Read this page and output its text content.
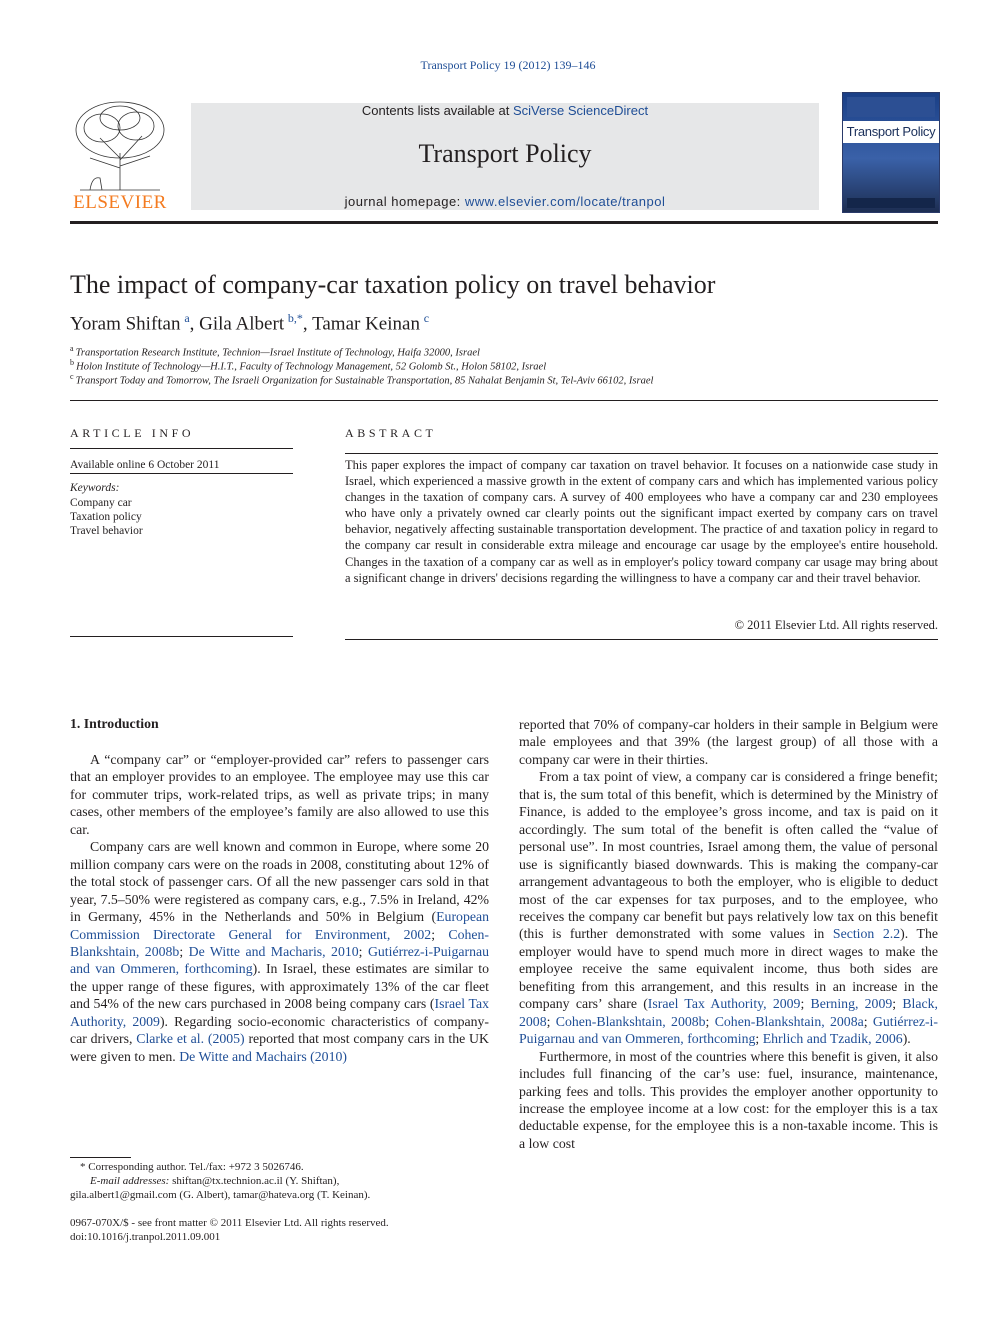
Transport Policy 19 (2012) 139–146
ELSEVIER
Contents lists available at SciVerse ScienceDirect
Transport Policy
journal homepage: www.elsevier.com/locate/tranpol
Transport Policy
The impact of company-car taxation policy on travel behavior
Yoram Shiftan  $^a$, Gila Albert  $^{b,*}$, Tamar Keinan  $^c$
$^a$  Transportation Research Institute, Technion—Israel Institute of Technology, Haifa 32000, Israel
$^b$  Holon Institute of Technology—H.I.T., Faculty of Technology Management, 52 Golomb St., Holon 58102, Israel
$^c$  Transport Today and Tomorrow, The Israeli Organization for Sustainable Transportation, 85 Nahalat Benjamin St, Tel-Aviv 66102, Israel
ARTICLE INFO
Available online 6 October 2011
Keywords:
Company car
Taxation policy
Travel behavior
ABSTRACT
This paper explores the impact of company car taxation on travel behavior. It focuses on a nationwide case study in Israel, which experienced a massive growth in the extent of company cars and which has implemented various policy changes in the taxation of company cars. A survey of 400 employees who have a company car and 230 employees who have only a privately owned car clearly points out the significant impact exerted by company cars on travel behavior, negatively affecting sustainable transportation development. The practice of and taxation policy in regard to the company car result in considerable extra mileage and encourage car usage by the employee's entire household. Changes in the taxation of a company car as well as in employer's policy toward company car usage may bring about a significant change in drivers' decisions regarding the willingness to have a company car and their travel behavior.
© 2011 Elsevier Ltd. All rights reserved.
1. Introduction

A “company car” or “employer-provided car” refers to passenger cars that an employer provides to an employee. The employee may use this car for commuter trips, work-related trips, as well as private trips; in many cases, other members of the employee’s family are also allowed to use this car.

Company cars are well known and common in Europe, where some 20 million company cars were on the roads in 2008, constituting about 12% of the total stock of passenger cars. Of all the new passenger cars sold in that year, 7.5–50% were registered as company cars, e.g., 7.5% in Ireland, 42% in Germany, 45% in the Netherlands and 50% in Belgium (European Commission Directorate General for Environment, 2002; Cohen-Blankshtain, 2008b; De Witte and Macharis, 2010; Gutiérrez-i-Puigarnau and van Ommeren, forthcoming). In Israel, these estimates are similar to the upper range of these figures, with approximately 13% of the car fleet and 54% of the new cars purchased in 2008 being company cars (Israel Tax Authority, 2009). Regarding socio-economic characteristics of company-car drivers, Clarke et al. (2005) reported that most company cars in the UK were given to men. De Witte and Machairs (2010)

* Corresponding author. Tel./fax: +972 3 5026746.
E-mail addresses: shiftan@tx.technion.ac.il (Y. Shiftan),
gila.albert1@gmail.com (G. Albert), tamar@hateva.org (T. Keinan).
0967-070X/$ - see front matter © 2011 Elsevier Ltd. All rights reserved.
doi:10.1016/j.tranpol.2011.09.001

reported that 70% of company-car holders in their sample in Belgium were male employees and that 39% (the largest group) of all those with a company car were in their thirties.

From a tax point of view, a company car is considered a fringe benefit; that is, the sum total of this benefit, which is determined by the Ministry of Finance, is added to the employee’s gross income, and tax is paid on it accordingly. The sum total of the benefit is often called the “value of personal use”. In most countries, Israel among them, the value of personal use is significantly biased downwards. This is making the company-car arrangement advantageous to both the employer, who is eligible to deduct most of the car expenses for tax purposes, and to the employee, who receives the company car benefit but pays relatively low tax on this benefit (this is further demonstrated with some values in Section 2.2). The employer would have to spend much more in direct wages to make the employee receive the same equivalent income, thus both sides are benefiting from this arrangement, and this results in an increase in the company cars’ share (Israel Tax Authority, 2009; Berning, 2009; Black, 2008; Cohen-Blankshtain, 2008b; Cohen-Blankshtain, 2008a; Gutiérrez-i-Puigarnau and van Ommeren, forthcoming; Ehrlich and Tzadik, 2006).

Furthermore, in most of the countries where this benefit is given, it also includes full financing of the car’s use: fuel, insurance, maintenance, parking fees and tolls. This provides the employer another opportunity to increase the employee income at a low cost: for the employer this is a tax deductable expense, for the employee this is a non-taxable income. This is a low cost
